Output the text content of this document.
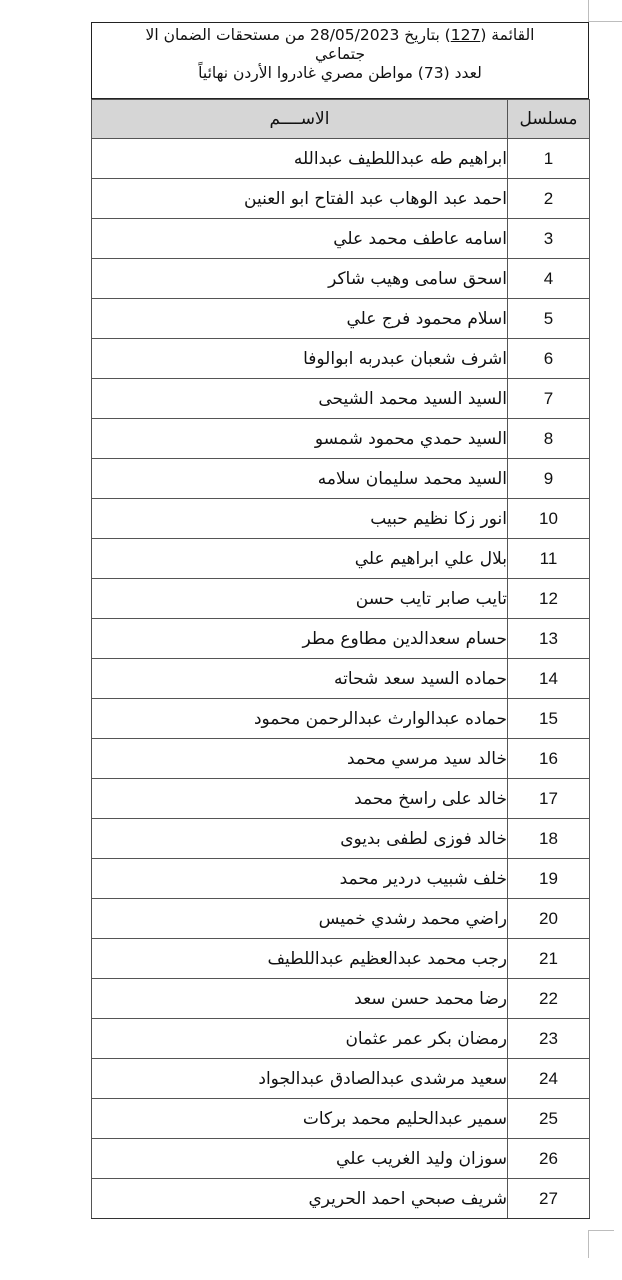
القائمة (127) بتاريخ 28/05/2023 من مستحقات الضمان الا
جتماعي
لعدد (73) مواطن مصري غادروا الأردن نهائياً
مسلسل	الاســــم
1	ابراهيم طه عبداللطيف عبدالله
2	احمد عبد الوهاب عبد الفتاح ابو العنين
3	اسامه عاطف محمد علي
4	اسحق سامى وهيب شاكر
5	اسلام محمود فرج علي
6	اشرف شعبان عبدربه ابوالوفا
7	السيد السيد محمد الشيحى
8	السيد حمدي محمود شمسو
9	السيد محمد سليمان سلامه
10	انور زكا نظيم حبيب
11	بلال علي ابراهيم علي
12	تايب صابر تايب حسن
13	حسام سعدالدين مطاوع مطر
14	حماده السيد سعد شحاته
15	حماده عبدالوارث عبدالرحمن محمود
16	خالد سيد مرسي محمد
17	خالد على راسخ محمد
18	خالد فوزى لطفى بديوى
19	خلف شبيب دردير محمد
20	راضي محمد رشدي خميس
21	رجب محمد عبدالعظيم عبداللطيف
22	رضا محمد حسن سعد
23	رمضان بكر عمر عثمان
24	سعيد مرشدى عبدالصادق عبدالجواد
25	سمير عبدالحليم محمد بركات
26	سوزان وليد الغريب علي
27	شريف صبحي احمد الحريري
